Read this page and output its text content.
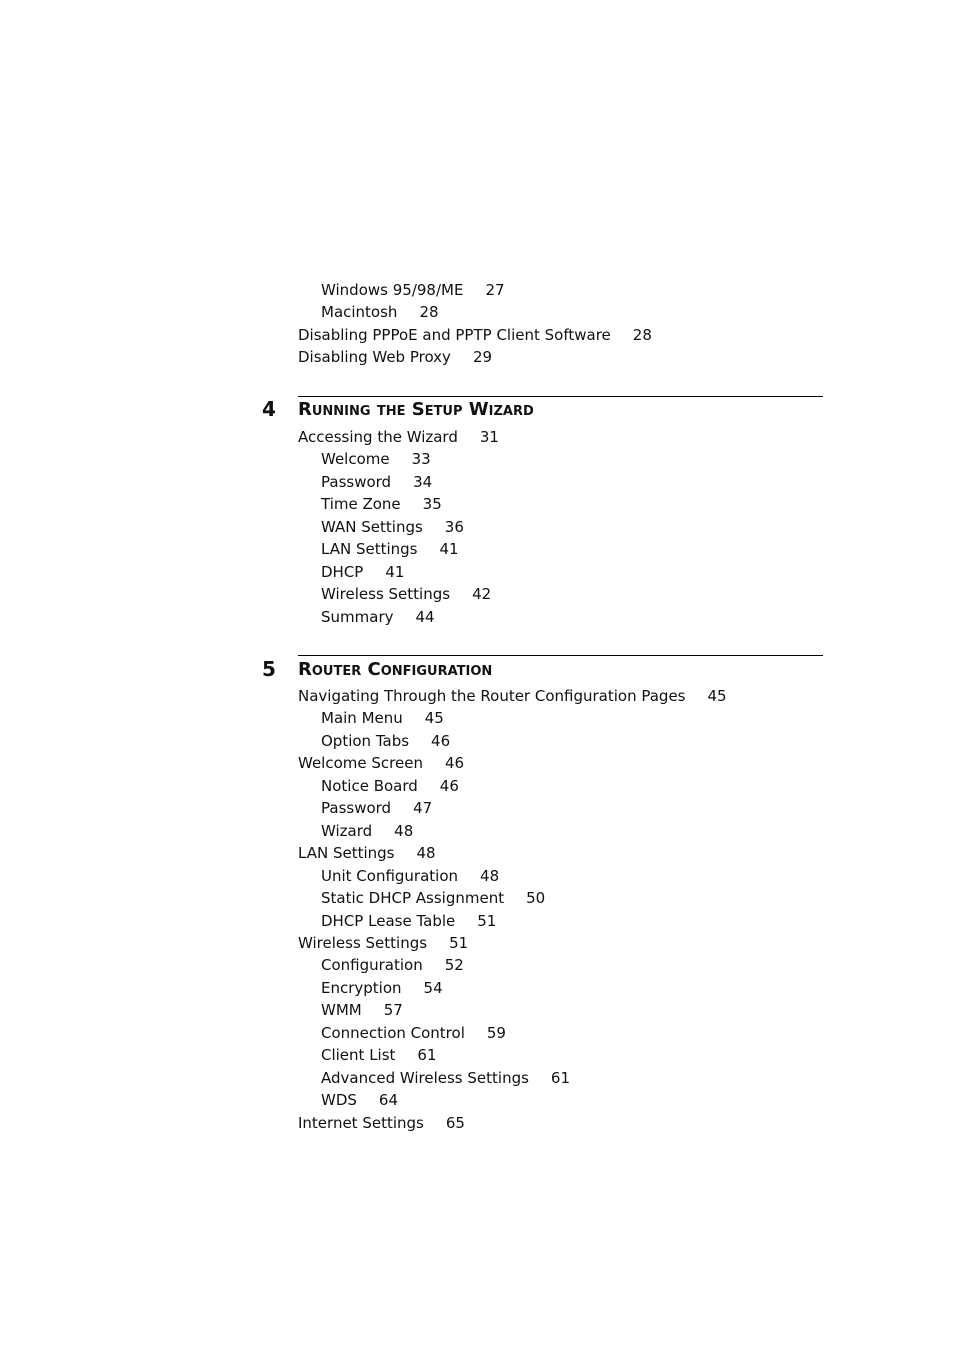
Windows 95/98/ME 27
Macintosh 28
Disabling PPPoE and PPTP Client Software 28
Disabling Web Proxy 29
4 Running the Setup Wizard
Accessing the Wizard 31
Welcome 33
Password 34
Time Zone 35
WAN Settings 36
LAN Settings 41
DHCP 41
Wireless Settings 42
Summary 44
5 Router Configuration
Navigating Through the Router Configuration Pages 45
Main Menu 45
Option Tabs 46
Welcome Screen 46
Notice Board 46
Password 47
Wizard 48
LAN Settings 48
Unit Configuration 48
Static DHCP Assignment 50
DHCP Lease Table 51
Wireless Settings 51
Configuration 52
Encryption 54
WMM 57
Connection Control 59
Client List 61
Advanced Wireless Settings 61
WDS 64
Internet Settings 65
